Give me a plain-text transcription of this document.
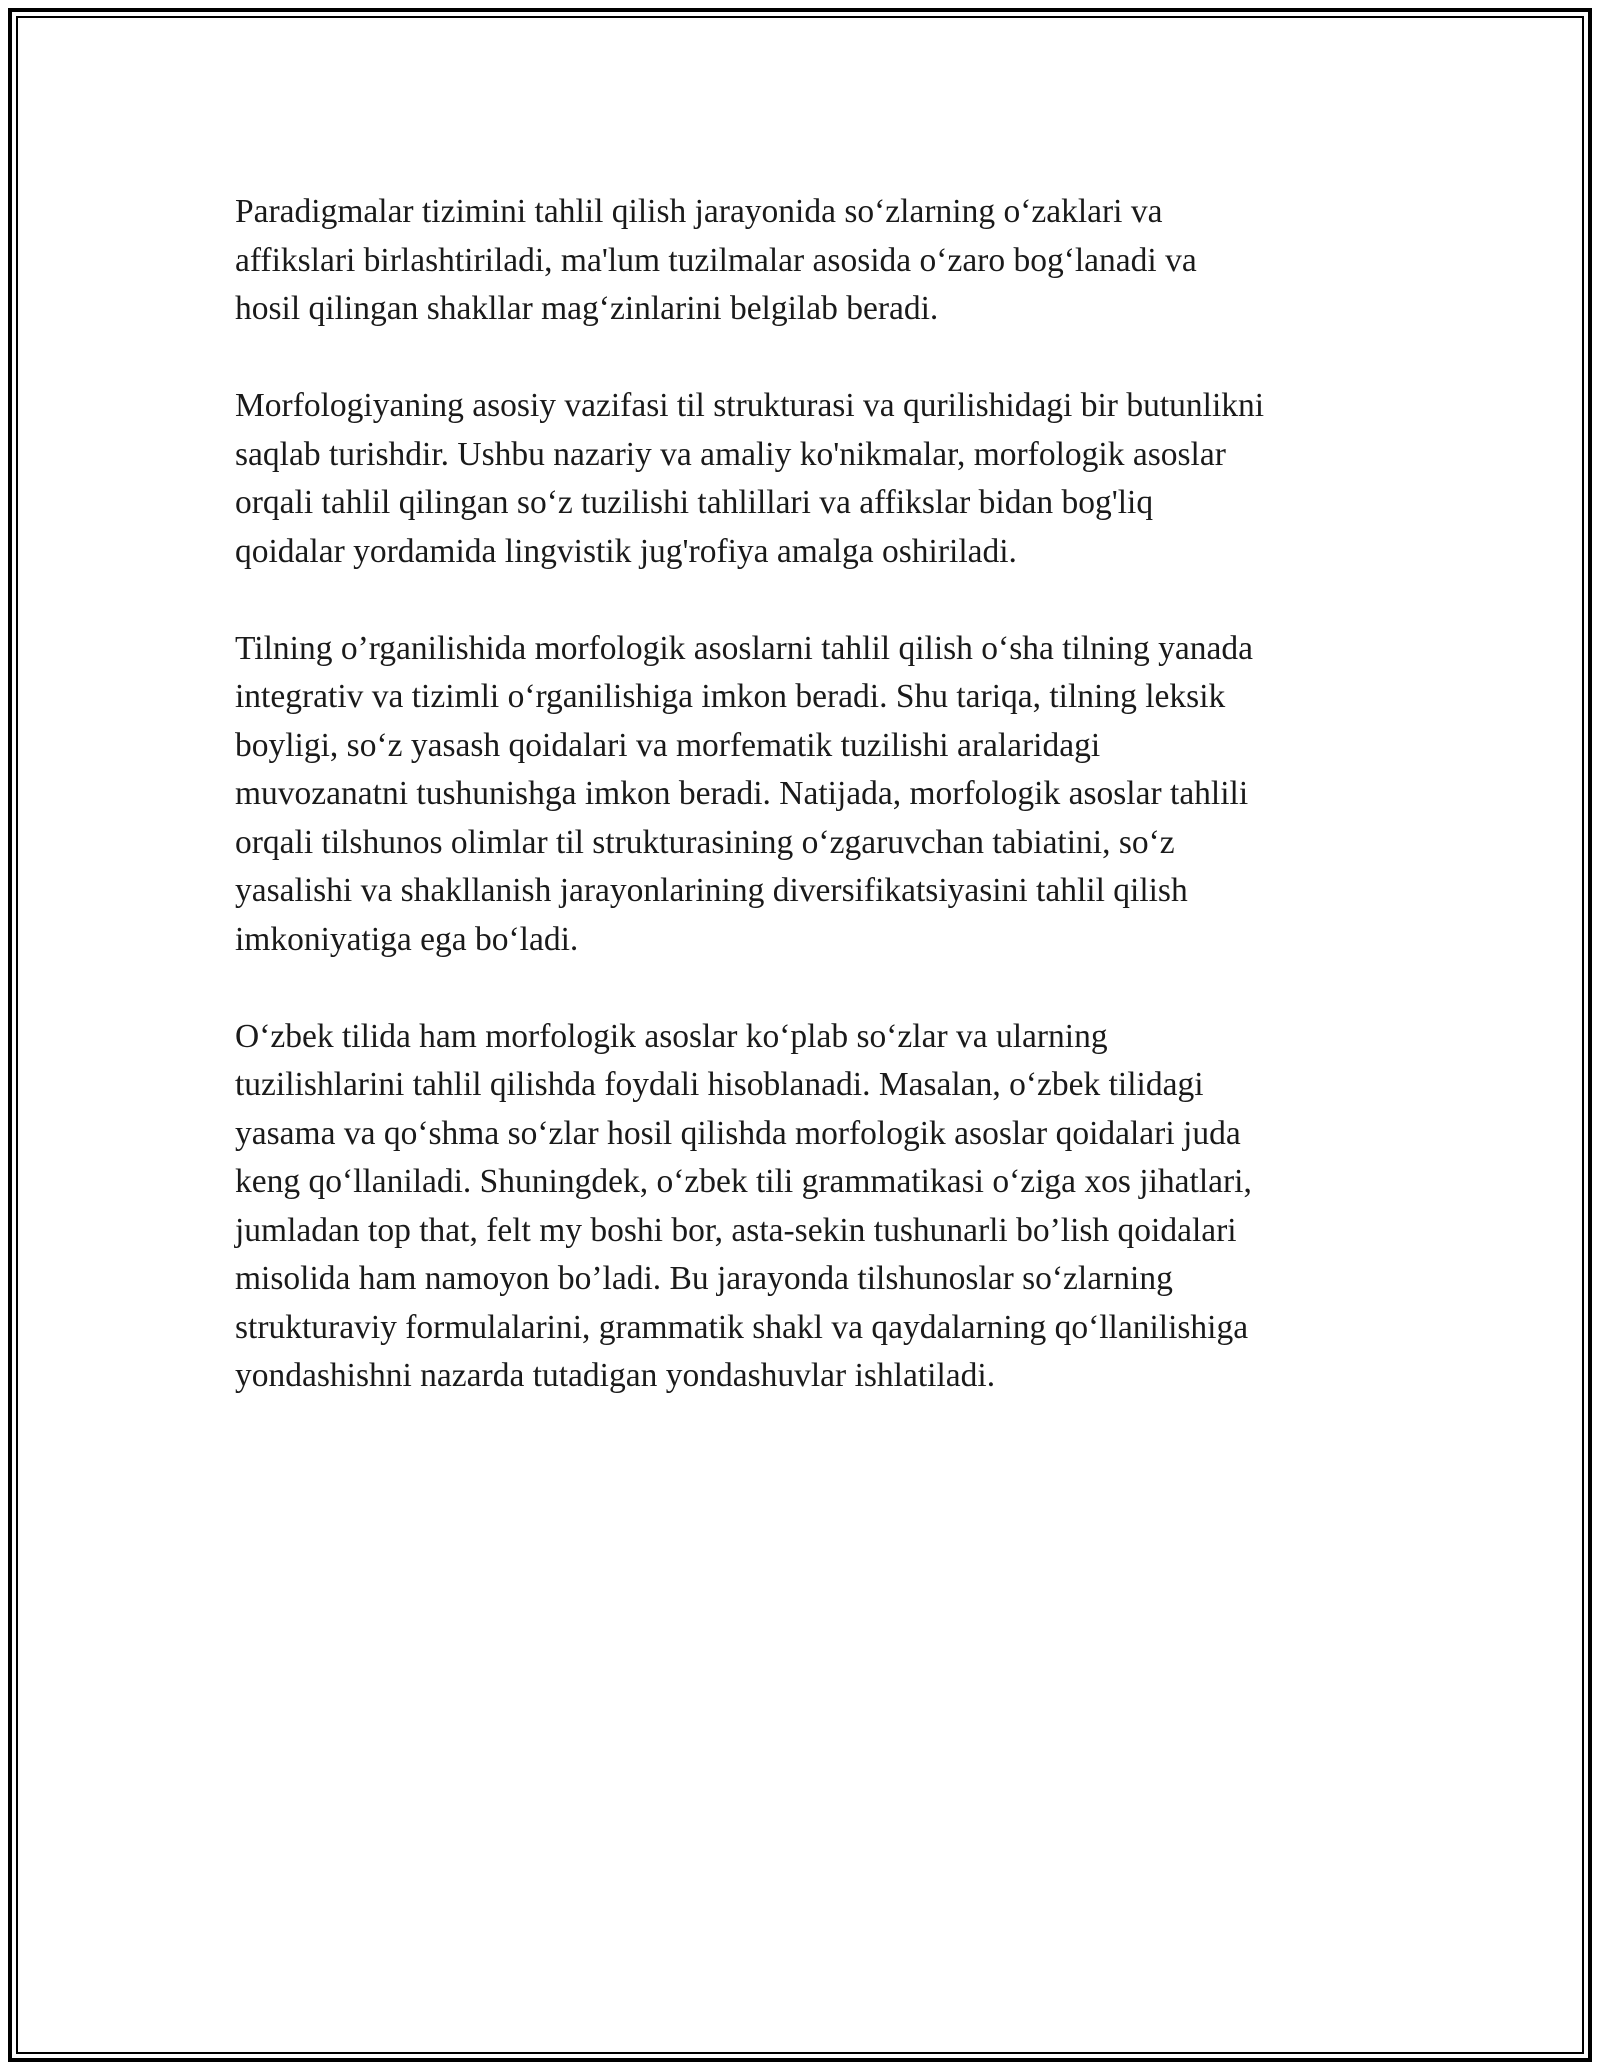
Paradigmalar tizimini tahlil qilish jarayonida so‘zlarning o‘zaklari va
affikslari birlashtiriladi, ma'lum tuzilmalar asosida o‘zaro bog‘lanadi va
hosil qilingan shakllar mag‘zinlarini belgilab beradi.

Morfologiyaning asosiy vazifasi til strukturasi va qurilishidagi bir butunlikni
saqlab turishdir. Ushbu nazariy va amaliy ko'nikmalar, morfologik asoslar
orqali tahlil qilingan so‘z tuzilishi tahlillari va affikslar bidan bog'liq
qoidalar yordamida lingvistik jug'rofiya amalga oshiriladi.

Tilning o’rganilishida morfologik asoslarni tahlil qilish o‘sha tilning yanada
integrativ va tizimli o‘rganilishiga imkon beradi. Shu tariqa, tilning leksik
boyligi, so‘z yasash qoidalari va morfematik tuzilishi aralaridagi
muvozanatni tushunishga imkon beradi. Natijada, morfologik asoslar tahlili
orqali tilshunos olimlar til strukturasining o‘zgaruvchan tabiatini, so‘z
yasalishi va shakllanish jarayonlarining diversifikatsiyasini tahlil qilish
imkoniyatiga ega bo‘ladi.

O‘zbek tilida ham morfologik asoslar ko‘plab so‘zlar va ularning
tuzilishlarini tahlil qilishda foydali hisoblanadi. Masalan, o‘zbek tilidagi
yasama va qo‘shma so‘zlar hosil qilishda morfologik asoslar qoidalari juda
keng qo‘llaniladi. Shuningdek, o‘zbek tili grammatikasi o‘ziga xos jihatlari,
jumladan top that, felt my boshi bor, asta-sekin tushunarli bo’lish qoidalari
misolida ham namoyon bo’ladi. Bu jarayonda tilshunoslar so‘zlarning
strukturaviy formulalarini, grammatik shakl va qaydalarning qo‘llanilishiga
yondashishni nazarda tutadigan yondashuvlar ishlatiladi.
